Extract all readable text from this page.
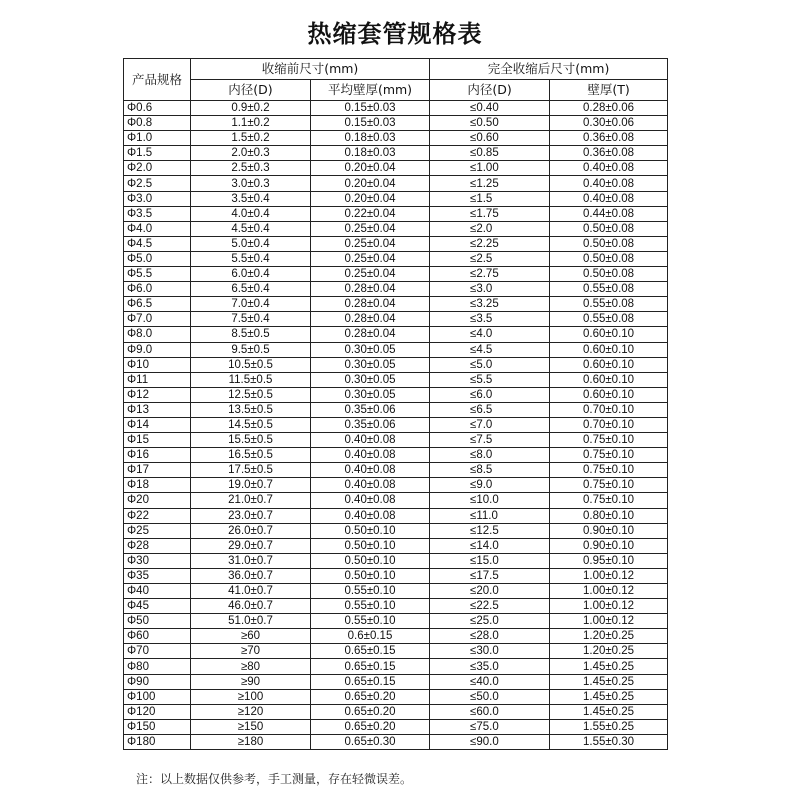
热缩套管规格表
产品规格	收缩前尺寸(mm)		完全收缩后尺寸(mm)	
	内径(D)	平均壁厚(mm)	内径(D)	壁厚(T)
Φ0.6	0.9±0.2	0.15±0.03	≤0.40	0.28±0.06
Φ0.8	1.1±0.2	0.15±0.03	≤0.50	0.30±0.06
Φ1.0	1.5±0.2	0.18±0.03	≤0.60	0.36±0.08
Φ1.5	2.0±0.3	0.18±0.03	≤0.85	0.36±0.08
Φ2.0	2.5±0.3	0.20±0.04	≤1.00	0.40±0.08
Φ2.5	3.0±0.3	0.20±0.04	≤1.25	0.40±0.08
Φ3.0	3.5±0.4	0.20±0.04	≤1.5	0.40±0.08
Φ3.5	4.0±0.4	0.22±0.04	≤1.75	0.44±0.08
Φ4.0	4.5±0.4	0.25±0.04	≤2.0	0.50±0.08
Φ4.5	5.0±0.4	0.25±0.04	≤2.25	0.50±0.08
Φ5.0	5.5±0.4	0.25±0.04	≤2.5	0.50±0.08
Φ5.5	6.0±0.4	0.25±0.04	≤2.75	0.50±0.08
Φ6.0	6.5±0.4	0.28±0.04	≤3.0	0.55±0.08
Φ6.5	7.0±0.4	0.28±0.04	≤3.25	0.55±0.08
Φ7.0	7.5±0.4	0.28±0.04	≤3.5	0.55±0.08
Φ8.0	8.5±0.5	0.28±0.04	≤4.0	0.60±0.10
Φ9.0	9.5±0.5	0.30±0.05	≤4.5	0.60±0.10
Φ10	10.5±0.5	0.30±0.05	≤5.0	0.60±0.10
Φ11	11.5±0.5	0.30±0.05	≤5.5	0.60±0.10
Φ12	12.5±0.5	0.30±0.05	≤6.0	0.60±0.10
Φ13	13.5±0.5	0.35±0.06	≤6.5	0.70±0.10
Φ14	14.5±0.5	0.35±0.06	≤7.0	0.70±0.10
Φ15	15.5±0.5	0.40±0.08	≤7.5	0.75±0.10
Φ16	16.5±0.5	0.40±0.08	≤8.0	0.75±0.10
Φ17	17.5±0.5	0.40±0.08	≤8.5	0.75±0.10
Φ18	19.0±0.7	0.40±0.08	≤9.0	0.75±0.10
Φ20	21.0±0.7	0.40±0.08	≤10.0	0.75±0.10
Φ22	23.0±0.7	0.40±0.08	≤11.0	0.80±0.10
Φ25	26.0±0.7	0.50±0.10	≤12.5	0.90±0.10
Φ28	29.0±0.7	0.50±0.10	≤14.0	0.90±0.10
Φ30	31.0±0.7	0.50±0.10	≤15.0	0.95±0.10
Φ35	36.0±0.7	0.50±0.10	≤17.5	1.00±0.12
Φ40	41.0±0.7	0.55±0.10	≤20.0	1.00±0.12
Φ45	46.0±0.7	0.55±0.10	≤22.5	1.00±0.12
Φ50	51.0±0.7	0.55±0.10	≤25.0	1.00±0.12
Φ60	≥60	0.6±0.15	≤28.0	1.20±0.25
Φ70	≥70	0.65±0.15	≤30.0	1.20±0.25
Φ80	≥80	0.65±0.15	≤35.0	1.45±0.25
Φ90	≥90	0.65±0.15	≤40.0	1.45±0.25
Φ100	≥100	0.65±0.20	≤50.0	1.45±0.25
Φ120	≥120	0.65±0.20	≤60.0	1.45±0.25
Φ150	≥150	0.65±0.20	≤75.0	1.55±0.25
Φ180	≥180	0.65±0.30	≤90.0	1.55±0.30
注：以上数据仅供参考，手工测量，存在轻微误差。
